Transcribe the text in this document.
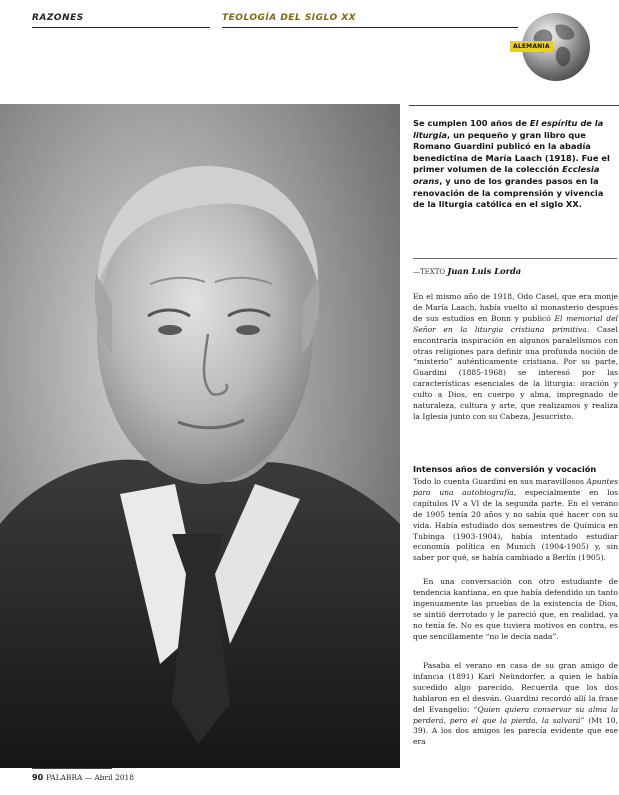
RAZONES	TEOLOGÍA DEL SIGLO XX

ALEMANIA

Se cumplen 100 años de El espíritu de la liturgia, un pequeño y gran libro que Romano Guardini publicó en la abadía benedictina de María Laach (1918). Fue el primer volumen de la colección Ecclesia orans, y uno de los grandes pasos en la renovación de la comprensión y vivencia de la liturgia católica en el siglo XX.

—TEXTO Juan Luis Lorda

En el mismo año de 1918, Odo Casel, que era monje de María Laach, había vuelto al monasterio después de sus estudios en Bonn y publicó El memorial del Señor en la liturgia cristiana primitiva. Casel encontraría inspiración en algunos paralelismos con otras religiones para definir una profunda noción de “misterio” auténticamente cristiana. Por su parte, Guardini (1885-1968) se interesó por las características esenciales de la liturgia: oración y culto a Dios, en cuerpo y alma, impregnado de naturaleza, cultura y arte, que realizamos y realiza la Iglesia junto con su Cabeza, Jesucristo.

Intensos años de conversión y vocación

Todo lo cuenta Guardini en sus maravillosos Apuntes para una autobiografía, especialmente en los capítulos IV a VI de la segunda parte. En el verano de 1905 tenía 20 años y no sabía qué hacer con su vida. Había estudiado dos semestres de Química en Tubinga (1903-1904), había intentado estudiar economía política en Munich (1904-1905) y, sin saber por qué, se había cambiado a Berlín (1905).

En una conversación con otro estudiante de tendencia kantiana, en que había defendido un tanto ingenuamente las pruebas de la existencia de Dios, se sintió derrotado y le pareció que, en realidad, ya no tenía fe. No es que tuviera motivos en contra, es que sencillamente “no le decía nada”.

Pasaba el verano en casa de su gran amigo de infancia (1891) Karl Neündorfer, a quien le había sucedido algo parecido. Recuerda que los dos hablaron en el desván. Guardini recordó allí la frase del Evangelio: “Quien quiera conservar su alma la perderá, pero el que la pierda, la salvará” (Mt 10, 39). A los dos amigos les parecía evidente que ese era

90 PALABRA — Abril 2018
